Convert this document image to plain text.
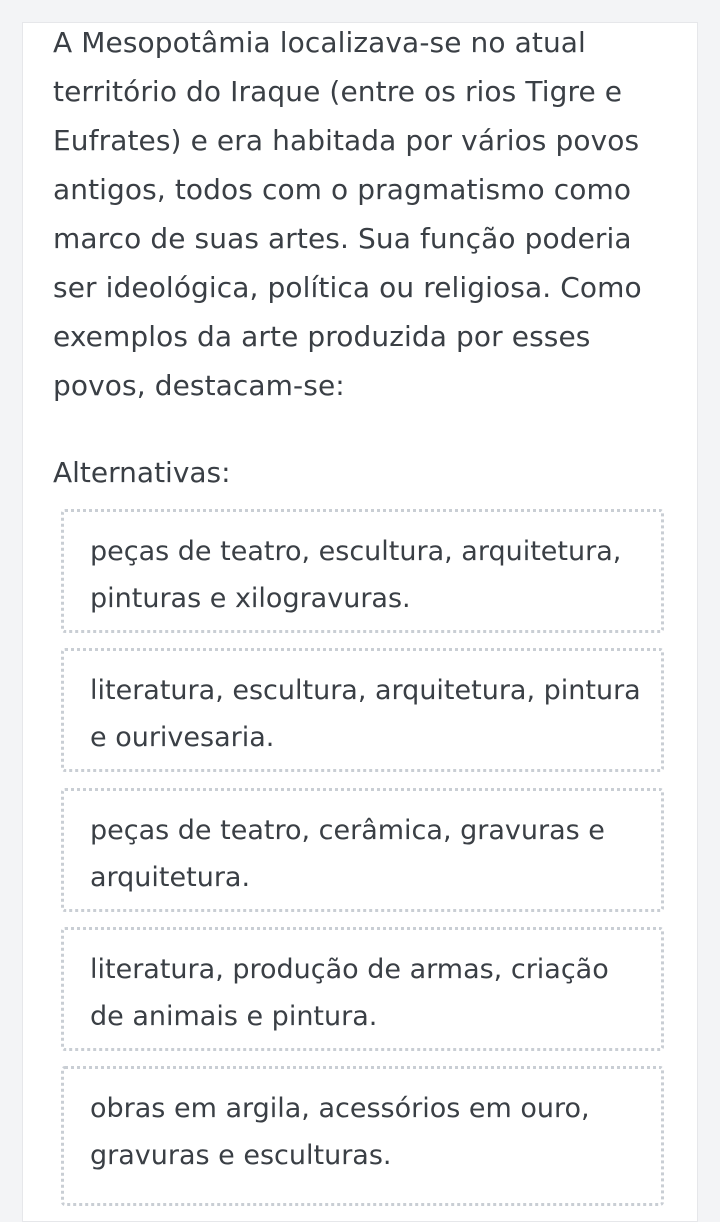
A Mesopotâmia localizava-se no atual território do Iraque (entre os rios Tigre e Eufrates) e era habitada por vários povos antigos, todos com o pragmatismo como marco de suas artes. Sua função poderia ser ideológica, política ou religiosa. Como exemplos da arte produzida por esses povos, destacam-se:

Alternativas:

peças de teatro, escultura, arquitetura, pinturas e xilogravuras.
literatura, escultura, arquitetura, pintura e ourivesaria.
peças de teatro, cerâmica, gravuras e arquitetura.
literatura, produção de armas, criação de animais e pintura.
obras em argila, acessórios em ouro, gravuras e esculturas.
